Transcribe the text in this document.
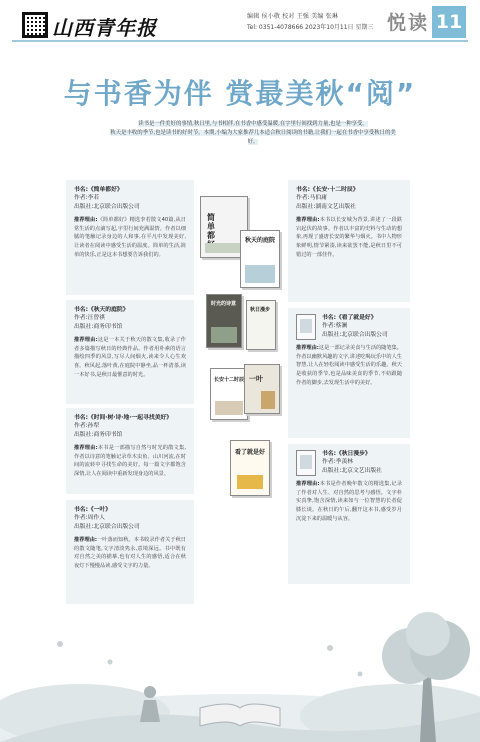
山西青年报	编辑 侯小敬 校对 王强 美编 张琳
Tel: 0351-4078666 2023年10月11日 星期三 悦读 11
与书香为伴 赏最美秋“阅”

读书是一件美好的事情,秋日里,与书相伴,在书香中感受温暖,在字里行间找到力量,也是一种享受。

秋天是丰收的季节,也是读书的好时节。本期,小编为大家推荐几本适合秋日阅读的书籍,让我们一起在书香中享受秋日的美好。

书名:《简单都好》
作者:李若
出版社:北京联合出版公司
推荐理由:《简单都好》精选李若散文40篇,从日常生活的点滴写起,字里行间充满温情。作者以细腻的笔触记录身边的人和事,在平凡中发现美好,让读者在阅读中感受生活的温度。简单的生活,简单的快乐,正是这本书想要告诉我们的。
书名:《秋天的庭院》
作者:汪曾祺
出版社:商务印书馆
推荐理由:这是一本关于秋天的散文集,收录了作者多篇描写秋日的经典作品。作者用朴素的语言描绘四季的风景,写尽人间烟火,读来令人心生欢喜。秋风起,落叶黄,在庭院中静坐,品一杯清茶,读一本好书,是秋日最惬意的时光。
书名:《时间·树·诗·地·一起寻找美好》
作者:孙犁
出版社:商务印书馆
推荐理由:本书是一部描写自然与时光的散文集,作者以诗意的笔触记录草木虫鱼、山川河流,在时间的流转中寻找生命的美好。每一篇文字都饱含深情,让人在阅读中重新发现身边的风景。
书名:《一叶》
作者:周作人
出版社:北京联合出版公司
推荐理由:一叶落而知秋。本书收录作者关于秋日的散文随笔,文字清淡隽永,意境深远。书中既有对自然之美的描摹,也有对人生的感悟,适合在秋夜灯下慢慢品读,感受文字的力量。
书名:《长安·十二时辰》
作者:马伯庸
出版社:湖南文艺出版社
推荐理由:本书以长安城为背景,讲述了一段跌宕起伏的故事。作者以丰富的史料与生动的想象,再现了盛唐长安的繁华与烟火。书中人物形象鲜明,情节紧凑,读来欲罢不能,是秋日里不可错过的一部佳作。
书名:《看了就是好》
作者:蔡澜
出版社:北京联合出版公司
推荐理由:这是一部记录美食与生活的随笔集。作者以幽默风趣的文字,讲述吃喝玩乐中的人生智慧,让人在轻松阅读中感受生活的乐趣。秋天是收获的季节,也是品味美食的季节,不妨跟随作者的脚步,去发现生活中的美好。
书名:《秋日漫步》
作者:季羡林
出版社:北京文艺出版社
推荐理由:本书是作者晚年散文的精选集,记录了作者对人生、对自然的思考与感悟。文字朴实真挚,饱含深情,读来如与一位智慧的长者促膝长谈。在秋日的午后,翻开这本书,感受岁月沉淀下来的温暖与从容。
简单都
秋天的庭院
时光的诗意
秋日漫步
长安十二时辰 一叶
看了就是好
